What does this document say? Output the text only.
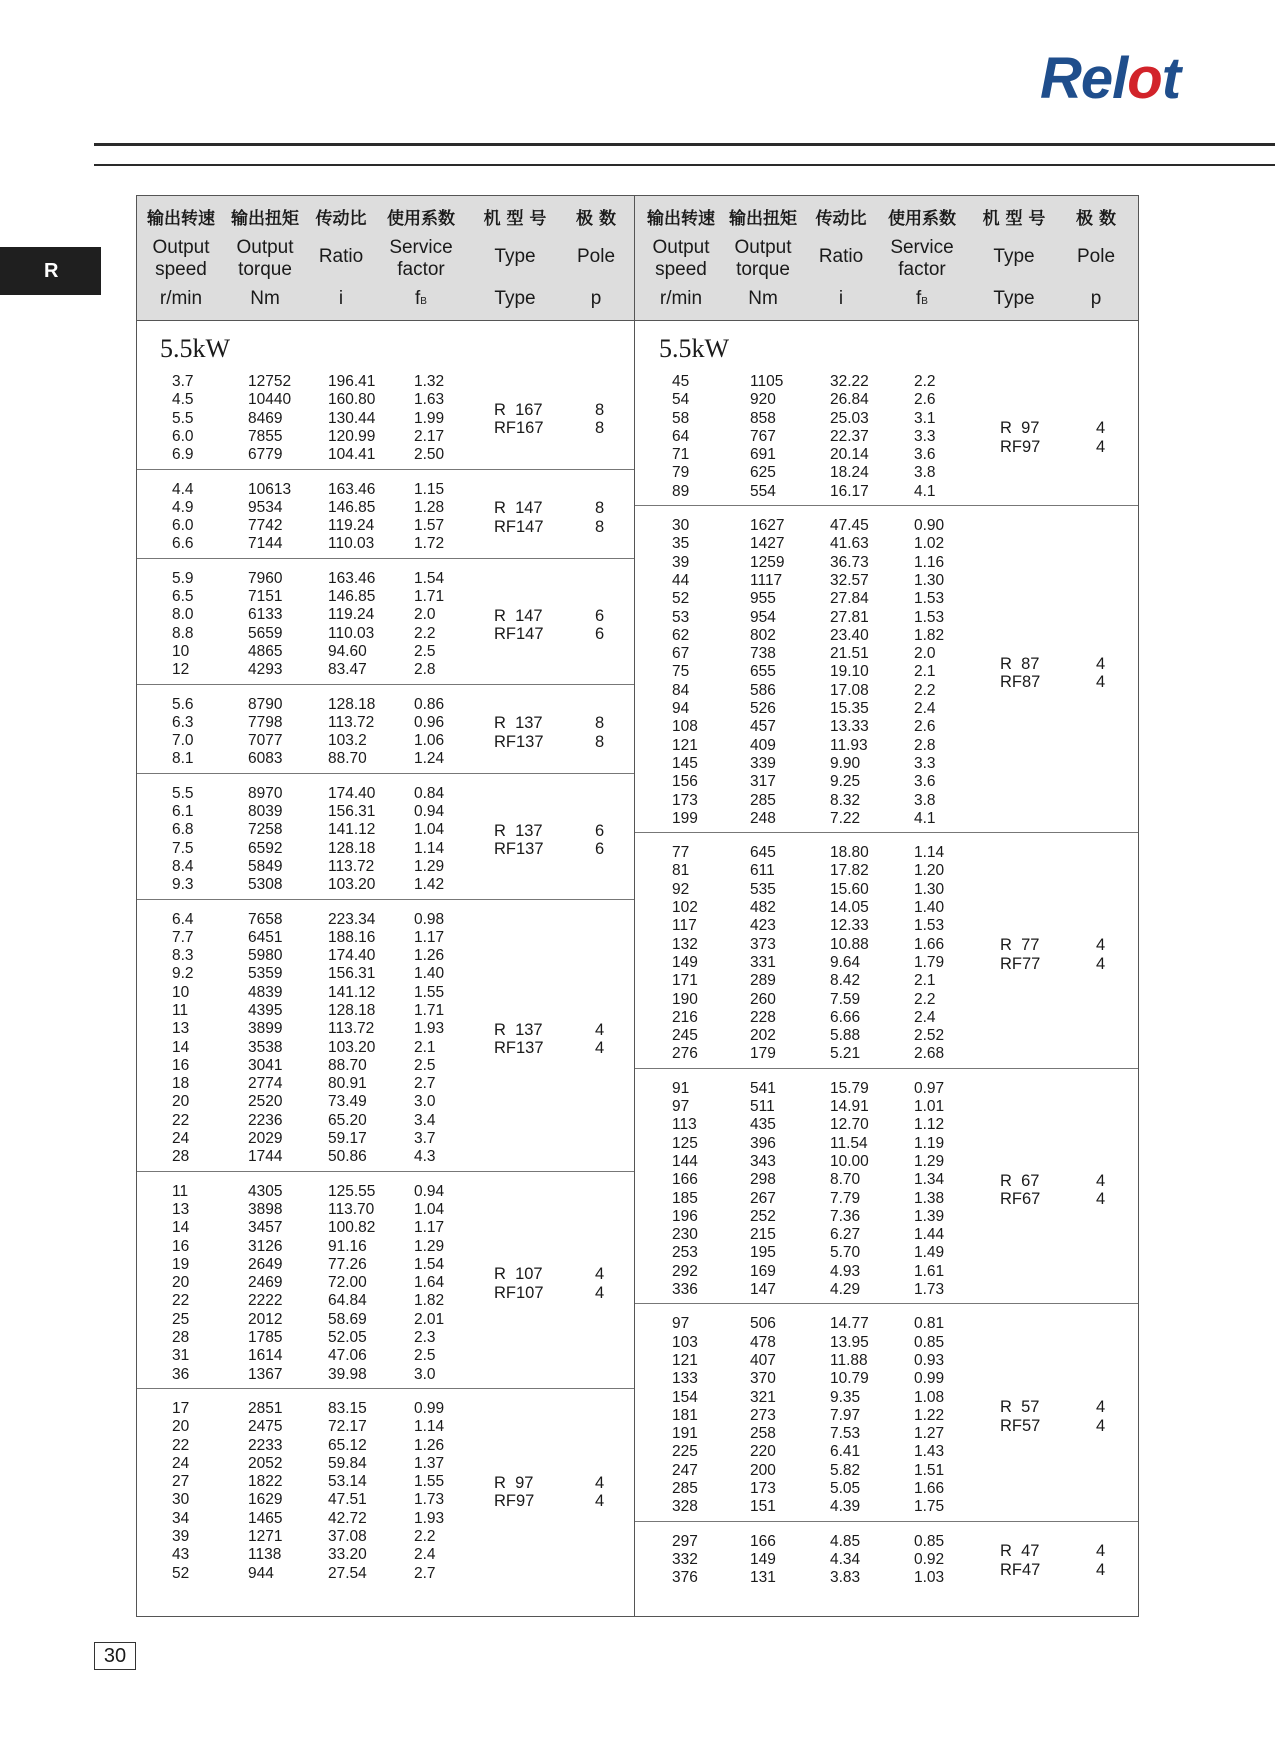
Relot
R
输出转速
Output
speed
r/min
输出扭矩
Output
torque
Nm
传动比
Ratio
i
使用系数
Service
factor
fB
机 型 号
Type
Type
极 数
Pole
p
输出转速
Output
speed
r/min
输出扭矩
Output
torque
Nm
传动比
Ratio
i
使用系数
Service
factor
fB
机 型 号
Type
Type
极 数
Pole
p
5.5kW
3.7
4.5
5.5
6.0
6.9
12752
10440
8469
7855
6779
196.41
160.80
130.44
120.99
104.41
1.32
1.63
1.99
2.17
2.50
R  167
RF167
8
8
4.4
4.9
6.0
6.6
10613
9534
7742
7144
163.46
146.85
119.24
110.03
1.15
1.28
1.57
1.72
R  147
RF147
8
8
5.9
6.5
8.0
8.8
10
12
7960
7151
6133
5659
4865
4293
163.46
146.85
119.24
110.03
94.60
83.47
1.54
1.71
2.0
2.2
2.5
2.8
R  147
RF147
6
6
5.6
6.3
7.0
8.1
8790
7798
7077
6083
128.18
113.72
103.2
88.70
0.86
0.96
1.06
1.24
R  137
RF137
8
8
5.5
6.1
6.8
7.5
8.4
9.3
8970
8039
7258
6592
5849
5308
174.40
156.31
141.12
128.18
113.72
103.20
0.84
0.94
1.04
1.14
1.29
1.42
R  137
RF137
6
6
6.4
7.7
8.3
9.2
10
11
13
14
16
18
20
22
24
28
7658
6451
5980
5359
4839
4395
3899
3538
3041
2774
2520
2236
2029
1744
223.34
188.16
174.40
156.31
141.12
128.18
113.72
103.20
88.70
80.91
73.49
65.20
59.17
50.86
0.98
1.17
1.26
1.40
1.55
1.71
1.93
2.1
2.5
2.7
3.0
3.4
3.7
4.3
R  137
RF137
4
4
11
13
14
16
19
20
22
25
28
31
36
4305
3898
3457
3126
2649
2469
2222
2012
1785
1614
1367
125.55
113.70
100.82
91.16
77.26
72.00
64.84
58.69
52.05
47.06
39.98
0.94
1.04
1.17
1.29
1.54
1.64
1.82
2.01
2.3
2.5
3.0
R  107
RF107
4
4
17
20
22
24
27
30
34
39
43
52
2851
2475
2233
2052
1822
1629
1465
1271
1138
944
83.15
72.17
65.12
59.84
53.14
47.51
42.72
37.08
33.20
27.54
0.99
1.14
1.26
1.37
1.55
1.73
1.93
2.2
2.4
2.7
R  97
RF97
4
4
5.5kW
45
54
58
64
71
79
89
1105
920
858
767
691
625
554
32.22
26.84
25.03
22.37
20.14
18.24
16.17
2.2
2.6
3.1
3.3
3.6
3.8
4.1
R  97
RF97
4
4
30
35
39
44
52
53
62
67
75
84
94
108
121
145
156
173
199
1627
1427
1259
1117
955
954
802
738
655
586
526
457
409
339
317
285
248
47.45
41.63
36.73
32.57
27.84
27.81
23.40
21.51
19.10
17.08
15.35
13.33
11.93
9.90
9.25
8.32
7.22
0.90
1.02
1.16
1.30
1.53
1.53
1.82
2.0
2.1
2.2
2.4
2.6
2.8
3.3
3.6
3.8
4.1
R  87
RF87
4
4
77
81
92
102
117
132
149
171
190
216
245
276
645
611
535
482
423
373
331
289
260
228
202
179
18.80
17.82
15.60
14.05
12.33
10.88
9.64
8.42
7.59
6.66
5.88
5.21
1.14
1.20
1.30
1.40
1.53
1.66
1.79
2.1
2.2
2.4
2.52
2.68
R  77
RF77
4
4
91
97
113
125
144
166
185
196
230
253
292
336
541
511
435
396
343
298
267
252
215
195
169
147
15.79
14.91
12.70
11.54
10.00
8.70
7.79
7.36
6.27
5.70
4.93
4.29
0.97
1.01
1.12
1.19
1.29
1.34
1.38
1.39
1.44
1.49
1.61
1.73
R  67
RF67
4
4
97
103
121
133
154
181
191
225
247
285
328
506
478
407
370
321
273
258
220
200
173
151
14.77
13.95
11.88
10.79
9.35
7.97
7.53
6.41
5.82
5.05
4.39
0.81
0.85
0.93
0.99
1.08
1.22
1.27
1.43
1.51
1.66
1.75
R  57
RF57
4
4
297
332
376
166
149
131
4.85
4.34
3.83
0.85
0.92
1.03
R  47
RF47
4
4
30
